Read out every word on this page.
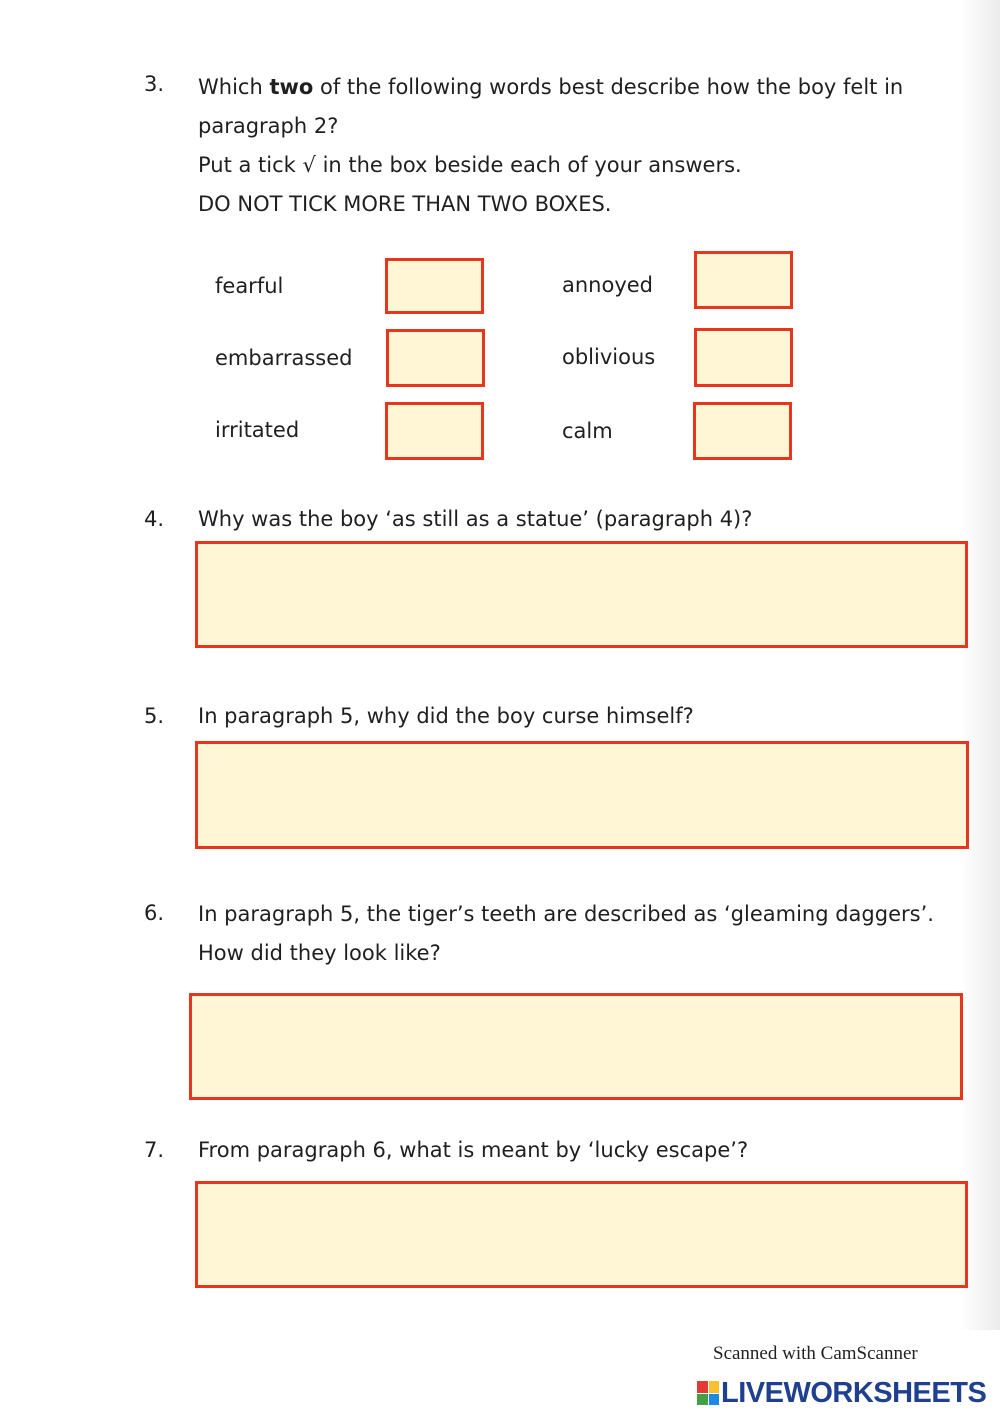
3. Which two of the following words best describe how the boy felt in
paragraph 2?
Put a tick √ in the box beside each of your answers.
DO NOT TICK MORE THAN TWO BOXES.
fearful	annoyed
embarrassed	oblivious
irritated	calm
4. Why was the boy ‘as still as a statue’ (paragraph 4)?
5. In paragraph 5, why did the boy curse himself?
6. In paragraph 5, the tiger’s teeth are described as ‘gleaming daggers’.
How did they look like?
7. From paragraph 6, what is meant by ‘lucky escape’?
Scanned with CamScanner
LIVEWORKSHEETS
